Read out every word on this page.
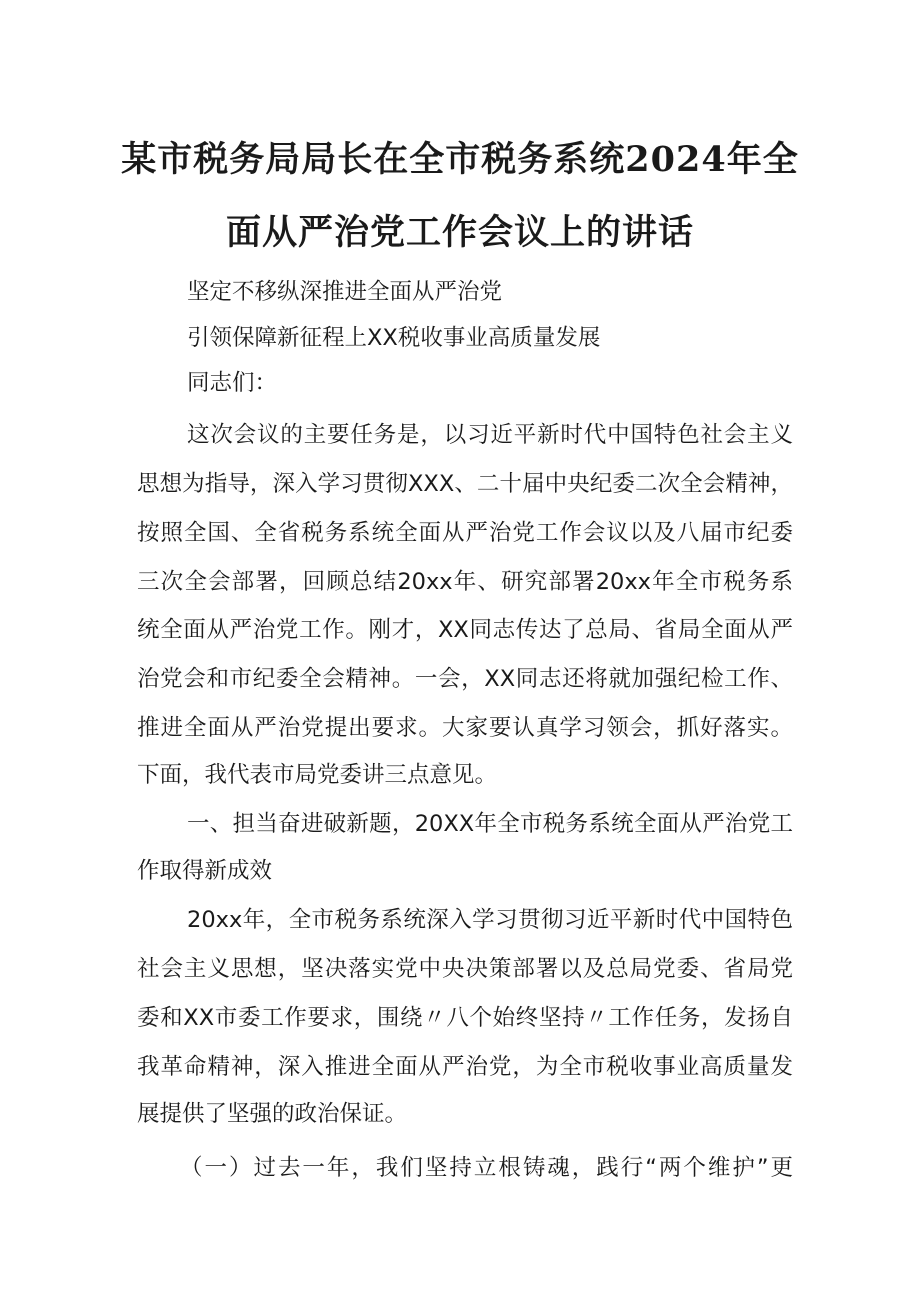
某市税务局局长在全市税务系统2024年全
面从严治党工作会议上的讲话
坚定不移纵深推进全面从严治党
引领保障新征程上XX税收事业高质量发展
同志们：
这次会议的主要任务是，以习近平新时代中国特色社会主义
思想为指导，深入学习贯彻XXX、二十届中央纪委二次全会精神，
按照全国、全省税务系统全面从严治党工作会议以及八届市纪委
三次全会部署，回顾总结20xx年、研究部署20xx年全市税务系
统全面从严治党工作。刚才，XX同志传达了总局、省局全面从严
治党会和市纪委全会精神。一会，XX同志还将就加强纪检工作、
推进全面从严治党提出要求。大家要认真学习领会，抓好落实。
下面，我代表市局党委讲三点意见。
一、担当奋进破新题，20XX年全市税务系统全面从严治党工
作取得新成效
20xx年，全市税务系统深入学习贯彻习近平新时代中国特色
社会主义思想，坚决落实党中央决策部署以及总局党委、省局党
委和XX市委工作要求，围绕〃八个始终坚持〃工作任务，发扬自
我革命精神，深入推进全面从严治党，为全市税收事业高质量发
展提供了坚强的政治保证。
（一）过去一年，我们坚持立根铸魂，践行“两个维护”更
